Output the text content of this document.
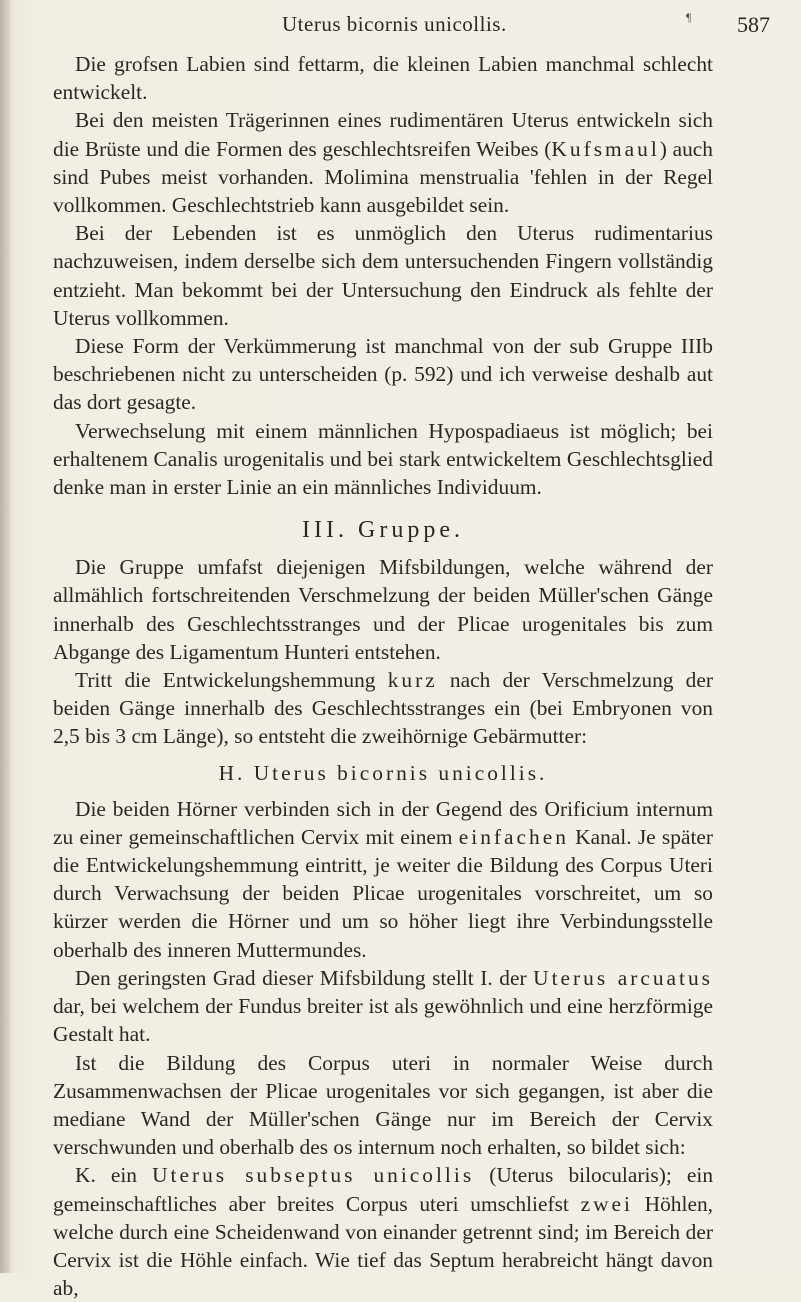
¶
Uterus bicornis unicollis.	587

Die grofsen Labien sind fettarm, die kleinen Labien manchmal schlecht entwickelt.

Bei den meisten Trägerinnen eines rudimentären Uterus entwickeln sich die Brüste und die Formen des geschlechtsreifen Weibes (Kufsmaul) auch sind Pubes meist vorhanden. Molimina menstrualia 'fehlen in der Regel vollkommen. Geschlechtstrieb kann ausgebildet sein.

Bei der Lebenden ist es unmöglich den Uterus rudimentarius nachzuweisen, indem derselbe sich dem untersuchenden Fingern vollständig entzieht. Man bekommt bei der Untersuchung den Eindruck als fehlte der Uterus vollkommen.

Diese Form der Verkümmerung ist manchmal von der sub Gruppe IIIb beschriebenen nicht zu unterscheiden (p. 592) und ich verweise deshalb aut das dort gesagte.

Verwechselung mit einem männlichen Hypospadiaeus ist möglich; bei erhaltenem Canalis urogenitalis und bei stark entwickeltem Geschlechtsglied denke man in erster Linie an ein männliches Individuum.

III. Gruppe.

Die Gruppe umfafst diejenigen Mifsbildungen, welche während der allmählich fortschreitenden Verschmelzung der beiden Müller'schen Gänge innerhalb des Geschlechtsstranges und der Plicae urogenitales bis zum Abgange des Ligamentum Hunteri entstehen.

Tritt die Entwickelungshemmung kurz nach der Verschmelzung der beiden Gänge innerhalb des Geschlechtsstranges ein (bei Embryonen von 2,5 bis 3 cm Länge), so entsteht die zweihörnige Gebärmutter:

H. Uterus bicornis unicollis.

Die beiden Hörner verbinden sich in der Gegend des Orificium internum zu einer gemeinschaftlichen Cervix mit einem einfachen Kanal. Je später die Entwickelungshemmung eintritt, je weiter die Bildung des Corpus Uteri durch Verwachsung der beiden Plicae urogenitales vorschreitet, um so kürzer werden die Hörner und um so höher liegt ihre Verbindungsstelle oberhalb des inneren Muttermundes.

Den geringsten Grad dieser Mifsbildung stellt I. der Uterus arcuatus dar, bei welchem der Fundus breiter ist als gewöhnlich und eine herzförmige Gestalt hat.

Ist die Bildung des Corpus uteri in normaler Weise durch Zusammenwachsen der Plicae urogenitales vor sich gegangen, ist aber die mediane Wand der Müller'schen Gänge nur im Bereich der Cervix verschwunden und oberhalb des os internum noch erhalten, so bildet sich:

K. ein Uterus subseptus unicollis (Uterus bilocularis); ein gemeinschaftliches aber breites Corpus uteri umschliefst zwei Höhlen, welche durch eine Scheidenwand von einander getrennt sind; im Bereich der Cervix ist die Höhle einfach. Wie tief das Septum herabreicht hängt davon ab,
